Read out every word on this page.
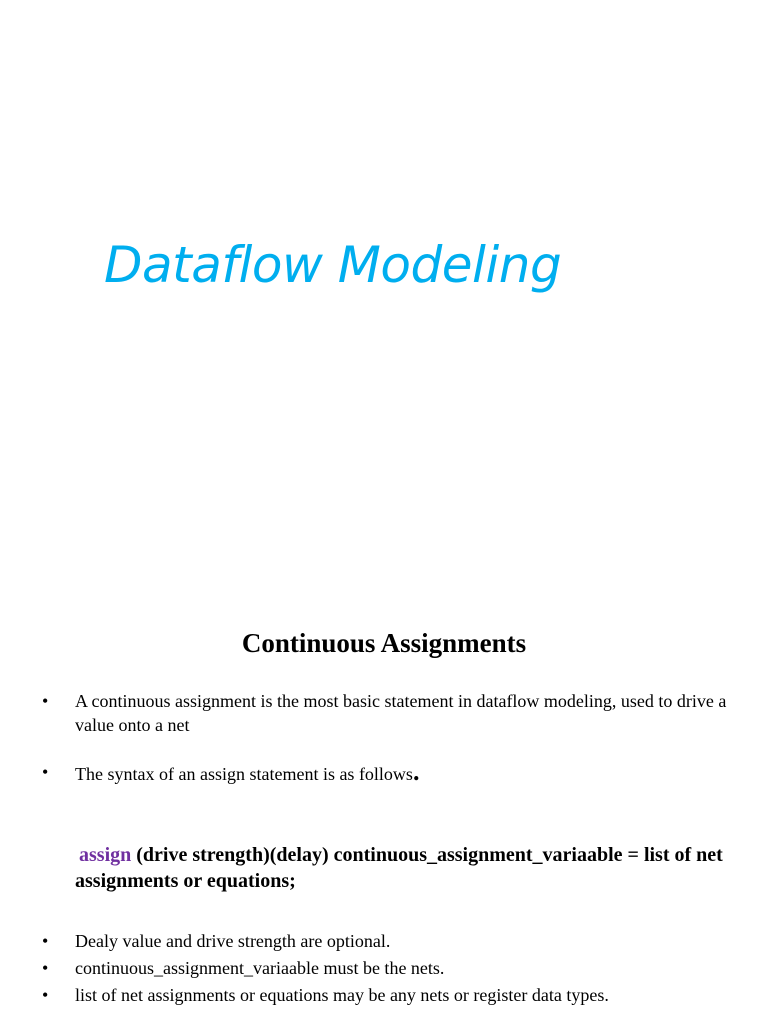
Dataflow Modeling
Continuous Assignments
• A continuous assignment is the most basic statement in dataflow modeling, used to drive a value onto a net
• The syntax of an assign statement is as follows.

assign (drive strength)(delay) continuous_assignment_variaable = list of net assignments or equations;

• Dealy value and drive strength are optional.
• continuous_assignment_variaable must be the nets.
• list of net assignments or equations may be any nets or register data types.
